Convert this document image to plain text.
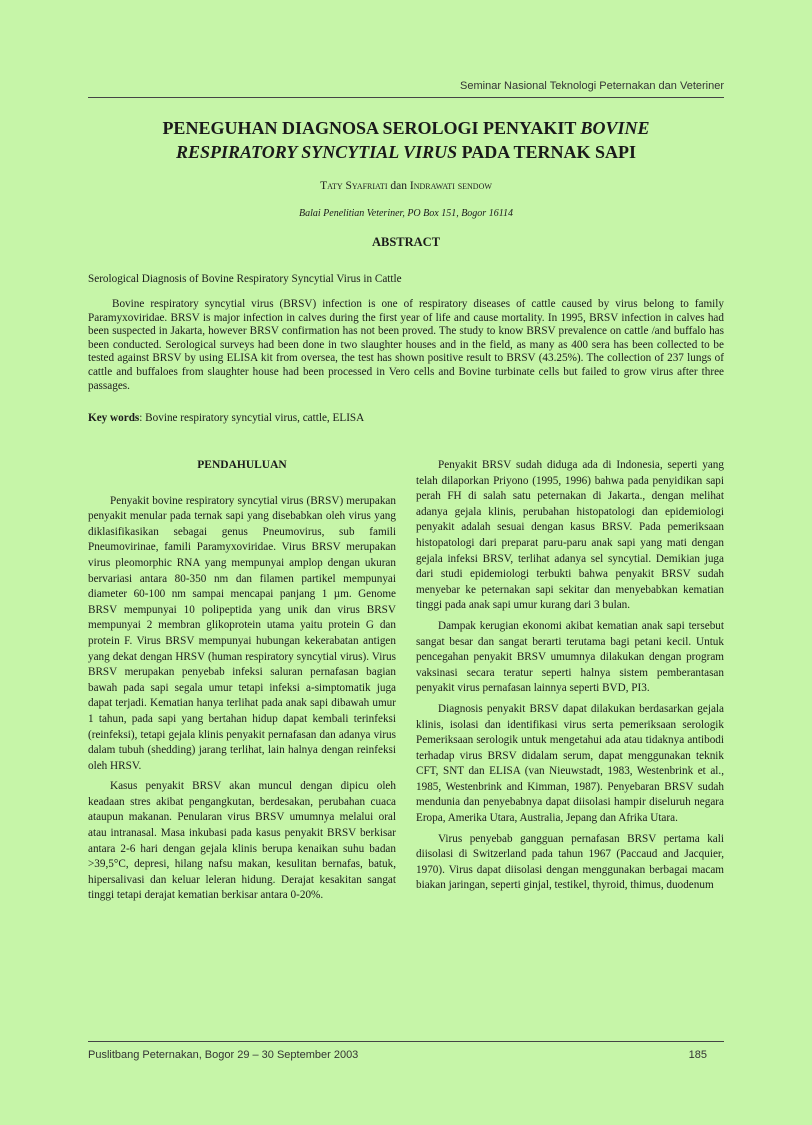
Seminar Nasional Teknologi Peternakan dan Veteriner
PENEGUHAN DIAGNOSA SEROLOGI PENYAKIT BOVINE
RESPIRATORY SYNCYTIAL VIRUS PADA TERNAK SAPI
Taty Syafriati dan Indrawati sendow
Balai Penelitian Veteriner, PO Box 151, Bogor 16114
ABSTRACT
Serological Diagnosis of Bovine Respiratory Syncytial Virus in Cattle

Bovine respiratory syncytial virus (BRSV) infection is one of respiratory diseases of cattle caused by virus belong to family Paramyxoviridae. BRSV is major infection in calves during the first year of life and cause mortality. In 1995, BRSV infection in calves had been suspected in Jakarta, however BRSV confirmation has not been proved. The study to know BRSV prevalence on cattle /and buffalo has been conducted. Serological surveys had been done in two slaughter houses and in the field, as many as 400 sera has been collected to be tested against BRSV by using ELISA kit from oversea, the test has shown positive result to BRSV (43.25%). The collection of 237 lungs of cattle and buffaloes from slaughter house had been processed in Vero cells and Bovine turbinate cells but failed to grow virus after three passages.

Key words: Bovine respiratory syncytial virus, cattle, ELISA
PENDAHULUAN

Penyakit bovine respiratory syncytial virus (BRSV) merupakan penyakit menular pada ternak sapi yang disebabkan oleh virus yang diklasifikasikan sebagai genus Pneumovirus, sub famili Pneumovirinae, famili Paramyxoviridae. Virus BRSV merupakan virus pleomorphic RNA yang mempunyai amplop dengan ukuran bervariasi antara 80-350 nm dan filamen partikel mempunyai diameter 60-100 nm sampai mencapai panjang 1 µm. Genome BRSV mempunyai 10 polipeptida yang unik dan virus BRSV mempunyai 2 membran glikoprotein utama yaitu protein G dan protein F. Virus BRSV mempunyai hubungan kekerabatan antigen yang dekat dengan HRSV (human respiratory syncytial virus). Virus BRSV merupakan penyebab infeksi saluran pernafasan bagian bawah pada sapi segala umur tetapi infeksi a-simptomatik juga dapat terjadi. Kematian hanya terlihat pada anak sapi dibawah umur 1 tahun, pada sapi yang bertahan hidup dapat kembali terinfeksi (reinfeksi), tetapi gejala klinis penyakit pernafasan dan adanya virus dalam tubuh (shedding) jarang terlihat, lain halnya dengan reinfeksi oleh HRSV.

Kasus penyakit BRSV akan muncul dengan dipicu oleh keadaan stres akibat pengangkutan, berdesakan, perubahan cuaca ataupun makanan. Penularan virus BRSV umumnya melalui oral atau intranasal. Masa inkubasi pada kasus penyakit BRSV berkisar antara 2-6 hari dengan gejala klinis berupa kenaikan suhu badan >39,5°C, depresi, hilang nafsu makan, kesulitan bernafas, batuk, hipersalivasi dan keluar leleran hidung. Derajat kesakitan sangat tinggi tetapi derajat kematian berkisar antara 0-20%.

Penyakit BRSV sudah diduga ada di Indonesia, seperti yang telah dilaporkan Priyono (1995, 1996) bahwa pada penyidikan sapi perah FH di salah satu peternakan di Jakarta., dengan melihat adanya gejala klinis, perubahan histopatologi dan epidemiologi penyakit adalah sesuai dengan kasus BRSV. Pada pemeriksaan histopatologi dari preparat paru-paru anak sapi yang mati dengan gejala infeksi BRSV, terlihat adanya sel syncytial. Demikian juga dari studi epidemiologi terbukti bahwa penyakit BRSV sudah menyebar ke peternakan sapi sekitar dan menyebabkan kematian tinggi pada anak sapi umur kurang dari 3 bulan.

Dampak kerugian ekonomi akibat kematian anak sapi tersebut sangat besar dan sangat berarti terutama bagi petani kecil. Untuk pencegahan penyakit BRSV umumnya dilakukan dengan program vaksinasi secara teratur seperti halnya sistem pemberantasan penyakit virus pernafasan lainnya seperti BVD, PI3.

Diagnosis penyakit BRSV dapat dilakukan berdasarkan gejala klinis, isolasi dan identifikasi virus serta pemeriksaan serologik Pemeriksaan serologik untuk mengetahui ada atau tidaknya antibodi terhadap virus BRSV didalam serum, dapat menggunakan teknik CFT, SNT dan ELISA (van Nieuwstadt, 1983, Westenbrink et al., 1985, Westenbrink and Kimman, 1987). Penyebaran BRSV sudah mendunia dan penyebabnya dapat diisolasi hampir diseluruh negara Eropa, Amerika Utara, Australia, Jepang dan Afrika Utara.

Virus penyebab gangguan pernafasan BRSV pertama kali diisolasi di Switzerland pada tahun 1967 (Paccaud and Jacquier, 1970). Virus dapat diisolasi dengan menggunakan berbagai macam biakan jaringan, seperti ginjal, testikel, thyroid, thimus, duodenum

Puslitbang Peternakan, Bogor 29 – 30 September 2003	185
